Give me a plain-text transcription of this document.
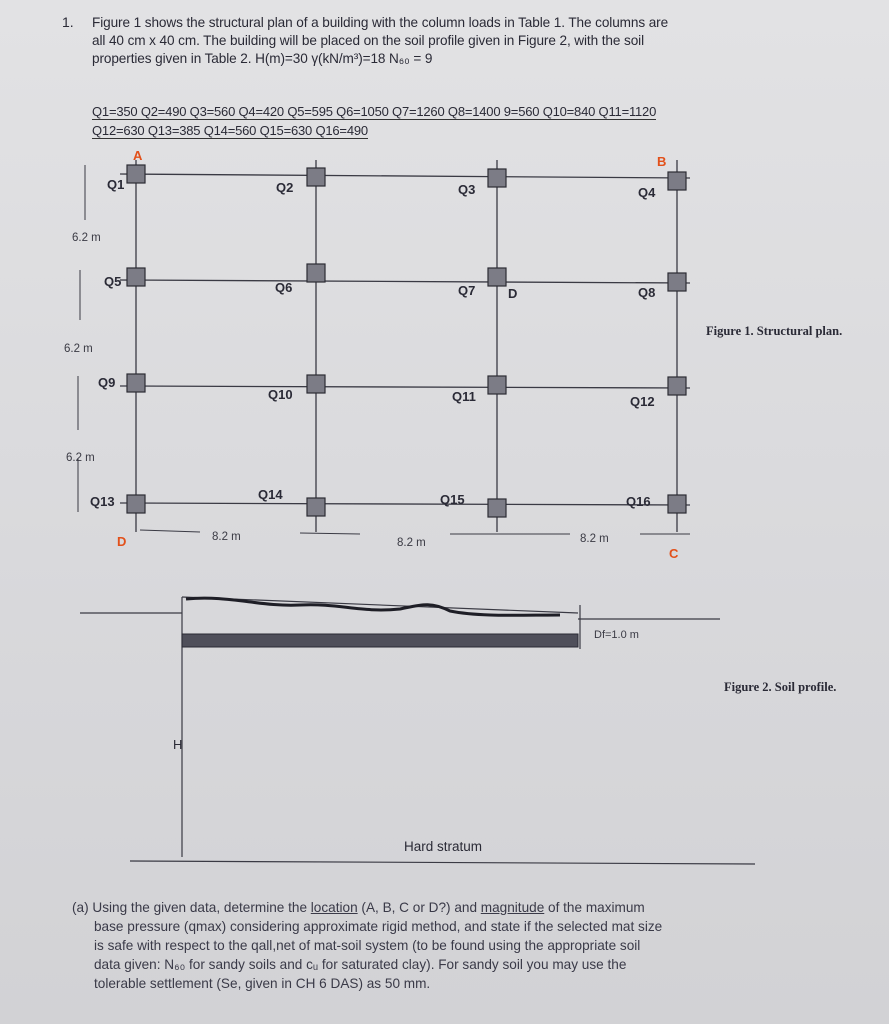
1. Figure 1 shows the structural plan of a building with the column loads in Table 1. The columns are
all 40 cm x 40 cm. The building will be placed on the soil profile given in Figure 2, with the soil
properties given in Table 2. H(m)=30 γ(kN/m³)=18 N₆₀ = 9
Q1=350 Q2=490 Q3=560 Q4=420 Q5=595 Q6=1050 Q7=1260 Q8=1400 9=560 Q10=840 Q11=1120
Q12=630 Q13=385 Q14=560 Q15=630 Q16=490
Q1	Q2	Q3	Q4
Q5	Q6	Q7	Q8
Q9
Q10	Q11	Q12
Q13	Q14	Q15	Q16
A	B
C
D
D
6.2 m
6.2 m
6.2 m
8.2 m	8.2 m	8.2 m
Figure 1. Structural plan.
Df=1.0 m
H
Hard stratum
Figure 2. Soil profile.
(a) Using the given data, determine the location (A, B, C or D?) and magnitude of the maximum
base pressure (qmax) considering approximate rigid method, and state if the selected mat size
is safe with respect to the qall,net of mat-soil system (to be found using the appropriate soil
data given: N₆₀ for sandy soils and cᵤ for saturated clay). For sandy soil you may use the
tolerable settlement (Se, given in CH 6 DAS) as 50 mm.
